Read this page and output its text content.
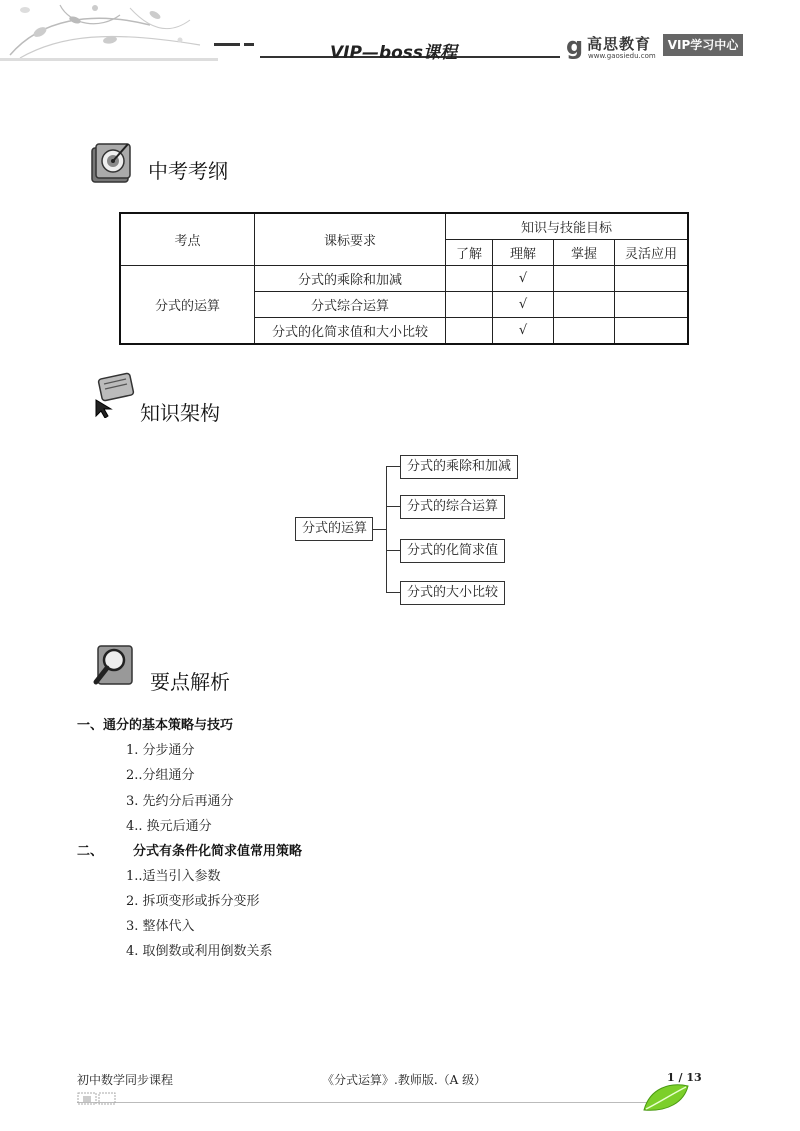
VIP—boss课程	g 高思教育
www.gaosiedu.com
VIP学习中心
中考考纲
考点	课标要求	知识与技能目标			
		了解	理解	掌握	灵活应用
分式的运算	分式的乘除和加减		√		
	分式综合运算		√		
	分式的化简求值和大小比较		√		
知识架构
分式的运算
分式的乘除和加减
分式的综合运算
分式的化简求值
分式的大小比较
要点解析
一、通分的基本策略与技巧
1. 分步通分
2..分组通分
3. 先约分后再通分
4.. 换元后通分
二、 分式有条件化简求值常用策略
1..适当引入参数
2. 拆项变形或拆分变形
3. 整体代入
4. 取倒数或利用倒数关系
初中数学同步课程	《分式运算》.教师版.（A 级）	1 / 13
